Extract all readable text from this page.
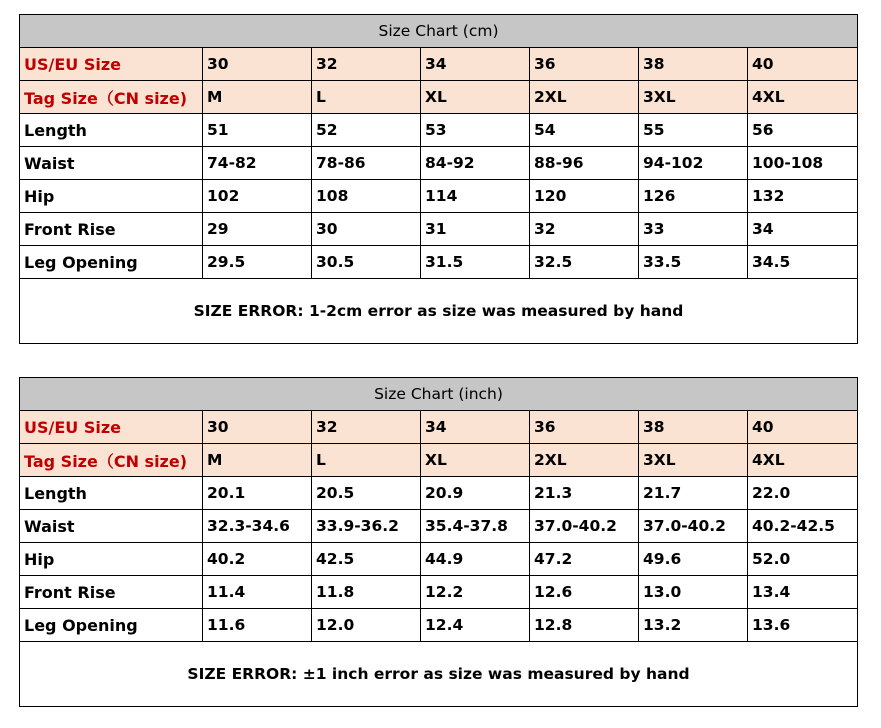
Size Chart (cm)						
US/EU Size	30	32	34	36	38	40
Tag Size（CN size)	M	L	XL	2XL	3XL	4XL
Length	51	52	53	54	55	56
Waist	74-82	78-86	84-92	88-96	94-102	100-108
Hip	102	108	114	120	126	132
Front Rise	29	30	31	32	33	34
Leg Opening	29.5	30.5	31.5	32.5	33.5	34.5
SIZE ERROR: 1-2cm error as size was measured by hand						
Size Chart (inch)						
US/EU Size	30	32	34	36	38	40
Tag Size（CN size)	M	L	XL	2XL	3XL	4XL
Length	20.1	20.5	20.9	21.3	21.7	22.0
Waist	32.3-34.6	33.9-36.2	35.4-37.8	37.0-40.2	37.0-40.2	40.2-42.5
Hip	40.2	42.5	44.9	47.2	49.6	52.0
Front Rise	11.4	11.8	12.2	12.6	13.0	13.4
Leg Opening	11.6	12.0	12.4	12.8	13.2	13.6
SIZE ERROR: ±1 inch error as size was measured by hand						
